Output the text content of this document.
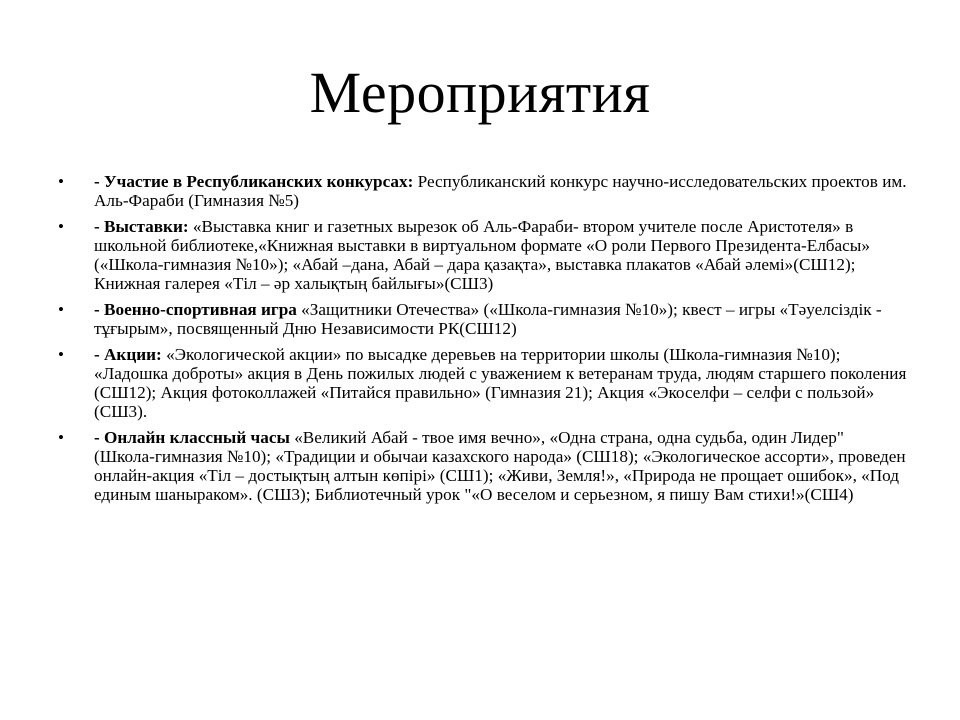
Мероприятия
•	- Участие в Республиканских конкурсах: Республиканский конкурс научно-исследовательских проектов им. Аль-Фараби (Гимназия №5)
•	- Выставки: «Выставка книг и газетных вырезок об Аль-Фараби- втором учителе после Аристотеля» в школьной библиотеке,«Книжная выставки в виртуальном формате «О роли Первого Президента-Елбасы» («Школа-гимназия №10»); «Абай –дана, Абай – дара қазақта», выставка плакатов «Абай әлемі»(СШ12); Книжная галерея «Тіл – әр халықтың байлығы»(СШ3)
•	- Военно-спортивная игра «Защитники Отечества» («Школа-гимназия №10»); квест – игры «Тәуелсіздік - тұғырым», посвященный Дню Независимости РК(СШ12)
•	- Акции: «Экологической акции» по высадке деревьев на территории школы (Школа-гимназия №10); «Ладошка доброты» акция в День пожилых людей с уважением к ветеранам труда, людям старшего поколения (СШ12); Акция фотоколлажей «Питайся правильно» (Гимназия 21); Акция «Экоселфи – селфи с пользой» (СШ3).
•	- Онлайн классный часы «Великий Абай - твое имя вечно», «Одна страна, одна судьба, один Лидер" (Школа-гимназия №10); «Традиции и обычаи казахского народа» (СШ18); «Экологическое ассорти», проведен онлайн-акция «Тіл – достықтың алтын көпірі» (СШ1); «Живи, Земля!», «Природа не прощает ошибок», «Под единым шаныраком». (СШ3); Библиотечный урок "«О веселом и серьезном, я пишу Вам стихи!»(СШ4)
